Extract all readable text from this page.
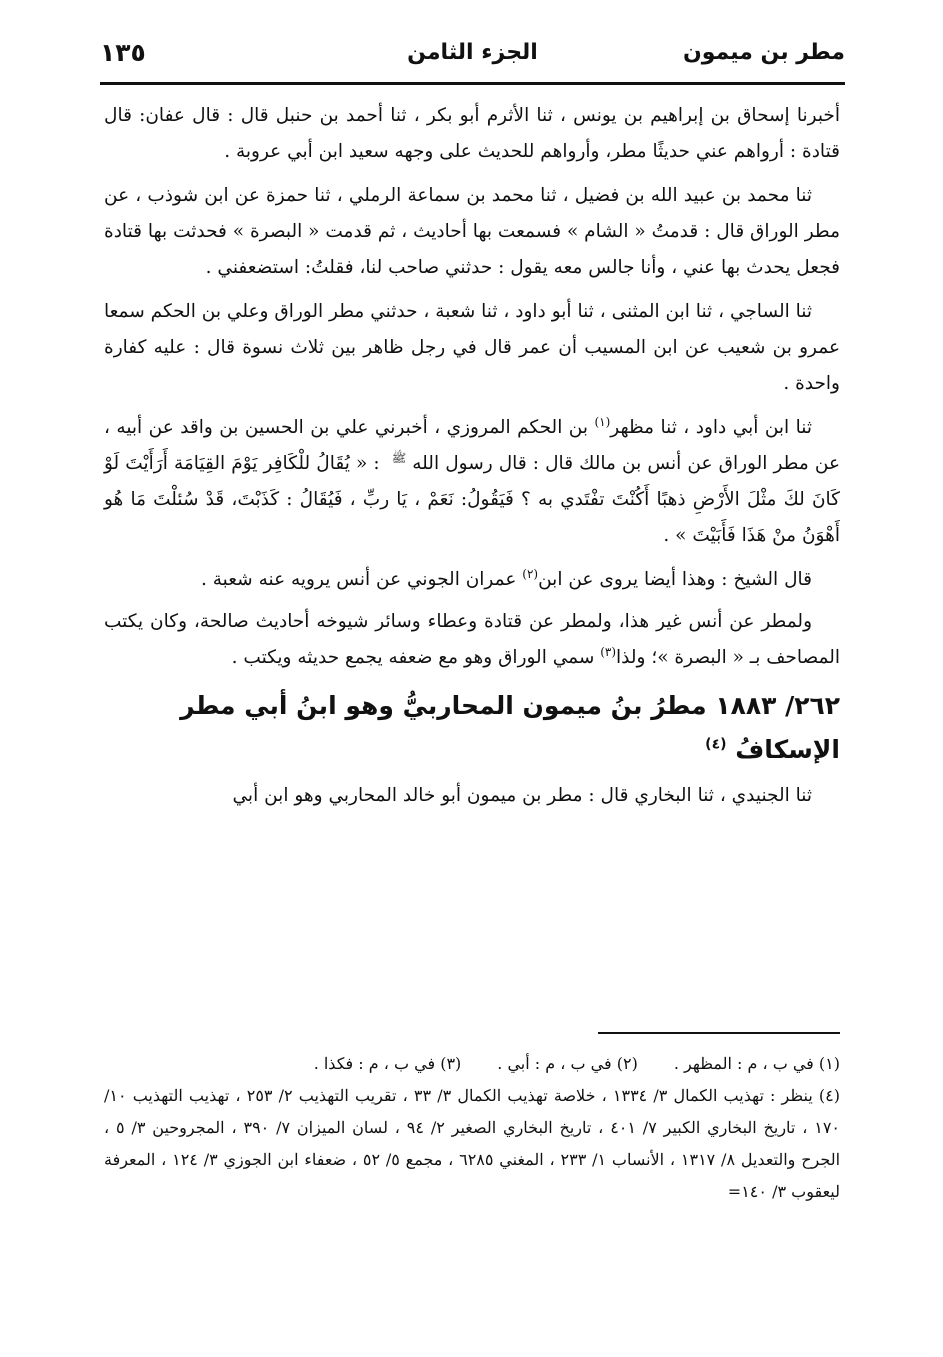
١٣٥	الجزء الثامن	مطر بن ميمون

أخبرنا إسحاق بن إبراهيم بن يونس ، ثنا الأثرم أبو بكر ، ثنا أحمد بن حنبل قال : قال عفان: قال قتادة : أرواهم عني حديثًا مطر، وأرواهم للحديث على وجهه سعيد ابن أبي عروبة .

ثنا محمد بن عبيد الله بن فضيل ، ثنا محمد بن سماعة الرملي ، ثنا حمزة عن ابن شوذب ، عن مطر الوراق قال : قدمتُ « الشام » فسمعت بها أحاديث ، ثم قدمت « البصرة » فحدثت بها قتادة فجعل يحدث بها عني ، وأنا جالس معه يقول : حدثني صاحب لنا، فقلتُ: استضعفني .

ثنا الساجي ، ثنا ابن المثنى ، ثنا أبو داود ، ثنا شعبة ، حدثني مطر الوراق وعلي بن الحكم سمعا عمرو بن شعيب عن ابن المسيب أن عمر قال في رجل ظاهر بين ثلاث نسوة قال : عليه كفارة واحدة .

ثنا ابن أبي داود ، ثنا مظهر$^{(١)}$ بن الحكم المروزي ، أخبرني علي بن الحسين بن واقد عن أبيه ، عن مطر الوراق عن أنس بن مالك قال : قال رسول الله$^ﷺ$ : « يُقَالُ للْكَافِر يَوْمَ القِيَامَة أَرَأَيْتَ لَوْ كَانَ لكَ مثْلَ الأَرْضِ ذهبًا أَكُنْتَ تفْتَدي به ؟ فَيَقُولُ: نَعَمْ ، يَا ربِّ ، فَيُقَالُ : كَذَبْتَ، قَدْ سُئلْتَ مَا هُو أَهْوَنُ منْ هَذَا فَأَبَيْتَ » .

قال الشيخ : وهذا أيضا يروى عن ابن$^{(٢)}$ عمران الجوني عن أنس يرويه عنه شعبة .

ولمطر عن أنس غير هذا، ولمطر عن قتادة وعطاء وسائر شيوخه أحاديث صالحة، وكان يكتب المصاحف بـ « البصرة »؛ ولذا$^{(٣)}$ سمي الوراق وهو مع ضعفه يجمع حديثه ويكتب .

٢٦٢/ ١٨٨٣ مطرُ بنُ ميمون المحاربيُّ وهو ابنُ أبي مطر الإسكافُ $^{(٤)}$

ثنا الجنيدي ، ثنا البخاري قال : مطر بن ميمون أبو خالد المحاربي وهو ابن أبي

(١) في ب ، م : المظهر .(٢) في ب ، م : أبي .(٣) في ب ، م : فكذا .

(٤) ينظر : تهذيب الكمال ٣/ ١٣٣٤ ، خلاصة تهذيب الكمال ٣/ ٣٣ ، تقريب التهذيب ٢/ ٢٥٣ ، تهذيب التهذيب ١٠/ ١٧٠ ، تاريخ البخاري الكبير ٧/ ٤٠١ ، تاريخ البخاري الصغير ٢/ ٩٤ ، لسان الميزان ٧/ ٣٩٠ ، المجروحين ٣/ ٥ ، الجرح والتعديل ٨/ ١٣١٧ ، الأنساب ١/ ٢٣٣ ، المغني ٦٢٨٥ ، مجمع ٥/ ٥٢ ، ضعفاء ابن الجوزي ٣/ ١٢٤ ، المعرفة ليعقوب ٣/ ١٤٠=
